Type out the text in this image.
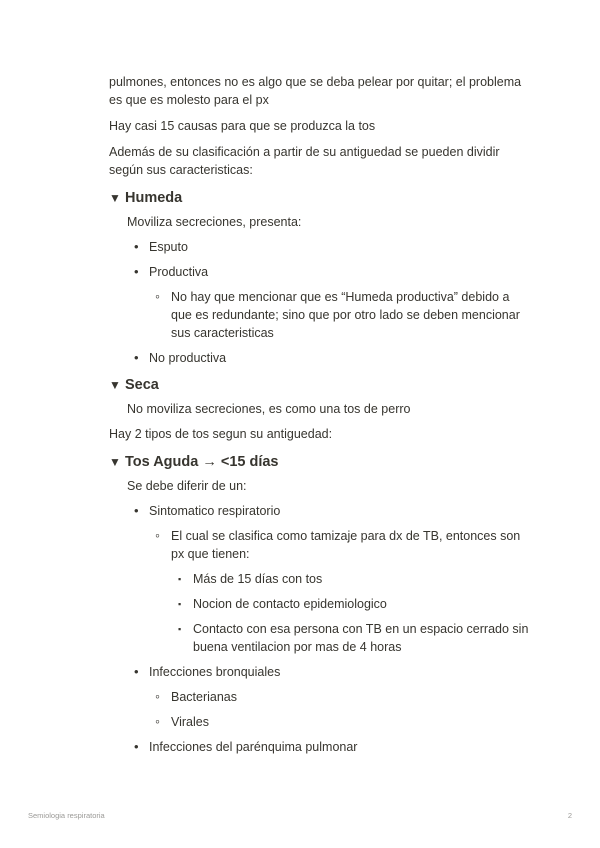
pulmones, entonces no es algo que se deba pelear por quitar; el problema es que es molesto para el px

Hay casi 15 causas para que se produzca la tos

Además de su clasificación a partir de su antiguedad se pueden dividir según sus caracteristicas:

▼ Humeda

Moviliza secreciones, presenta:

• Esputo
• Productiva
◦ No hay que mencionar que es “Humeda productiva” debido a que es redundante; sino que por otro lado se deben mencionar sus caracteristicas
• No productiva
▼ Seca

No moviliza secreciones, es como una tos de perro

Hay 2 tipos de tos segun su antiguedad:

▼ Tos Aguda → <15 días

Se debe diferir de un:

• Sintomatico respiratorio
◦ El cual se clasifica como tamizaje para dx de TB, entonces son px que tienen:
▪ Más de 15 días con tos
▪ Nocion de contacto epidemiologico
▪ Contacto con esa persona con TB en un espacio cerrado sin buena ventilacion por mas de 4 horas
• Infecciones bronquiales
◦ Bacterianas
◦ Virales
• Infecciones del parénquima pulmonar
Semiologia respiratoria	2
